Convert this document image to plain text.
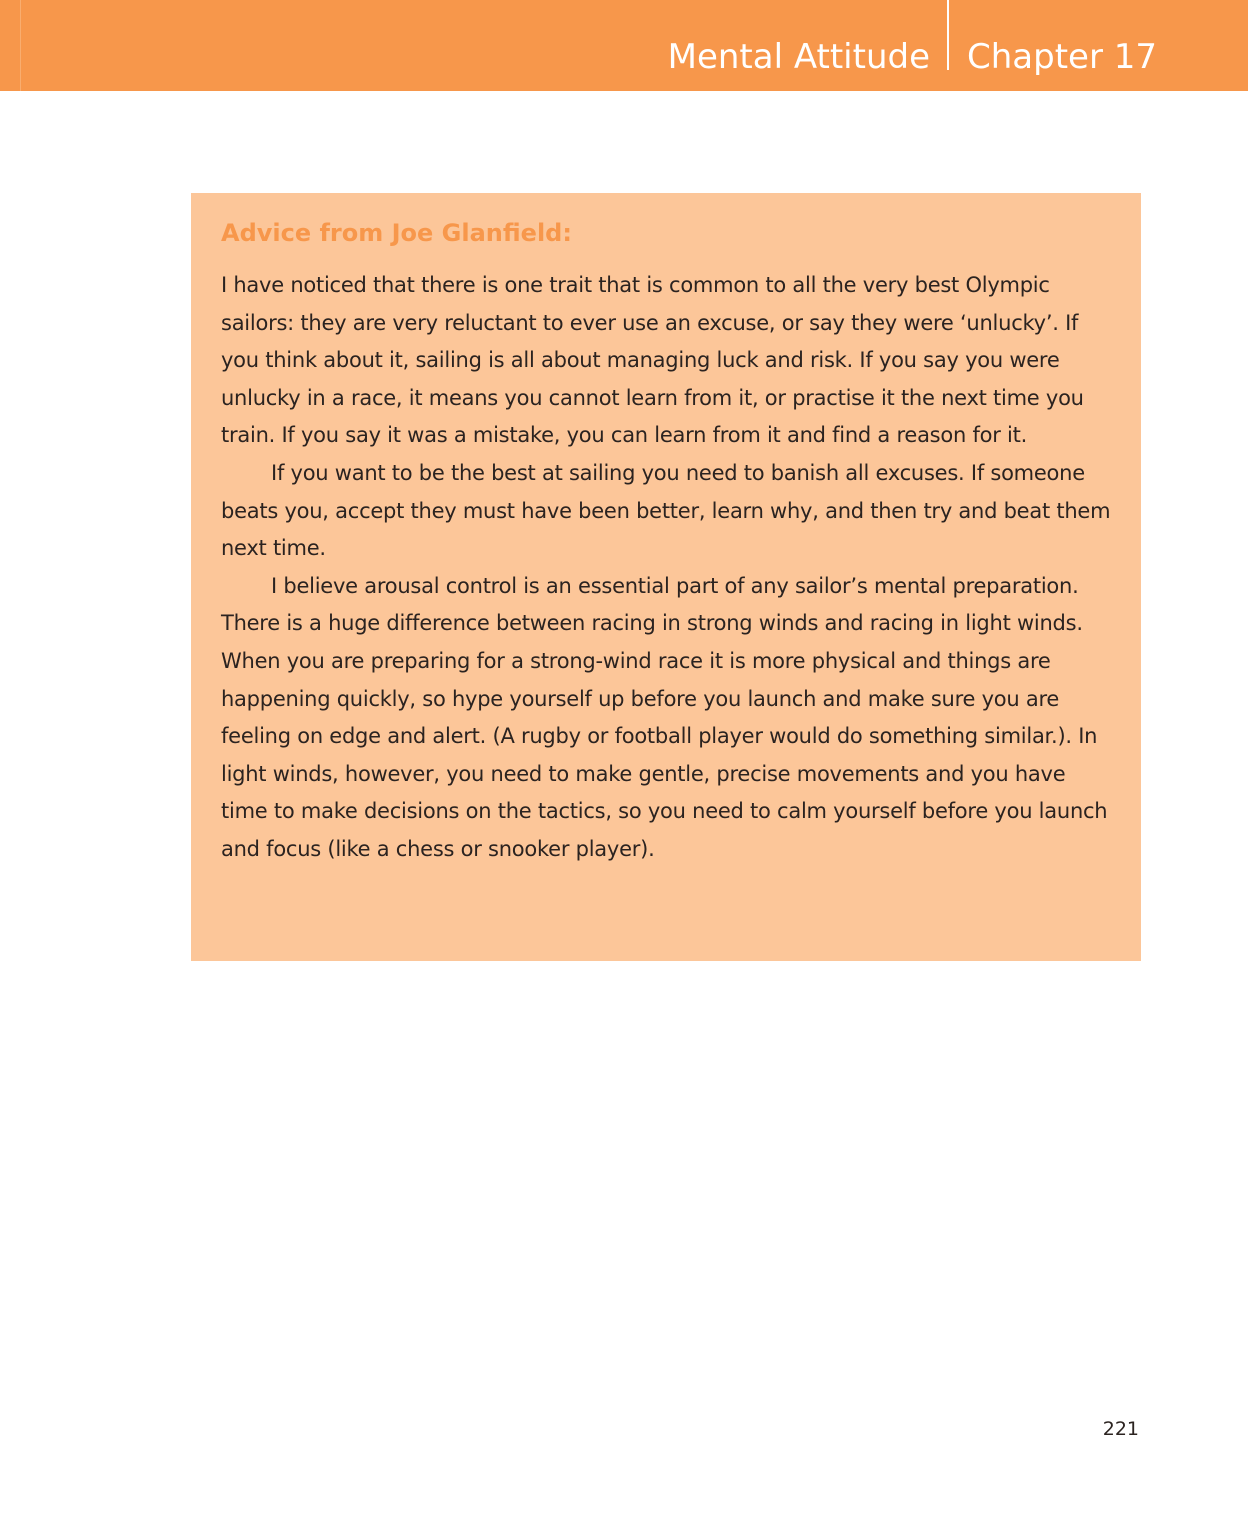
Mental Attitude Chapter 17
Advice from Joe Glanfield:

I have noticed that there is one trait that is common to all the very best Olympic sailors: they are very reluctant to ever use an excuse, or say they were ‘unlucky’. If you think about it, sailing is all about managing luck and risk. If you say you were unlucky in a race, it means you cannot learn from it, or practise it the next time you train. If you say it was a mistake, you can learn from it and find a reason for it.

If you want to be the best at sailing you need to banish all excuses. If someone beats you, accept they must have been better, learn why, and then try and beat them next time.

I believe arousal control is an essential part of any sailor’s mental preparation. There is a huge difference between racing in strong winds and racing in light winds. When you are preparing for a strong-wind race it is more physical and things are happening quickly, so hype yourself up before you launch and make sure you are feeling on edge and alert. (A rugby or football player would do something similar.). In light winds, however, you need to make gentle, precise movements and you have time to make decisions on the tactics, so you need to calm yourself before you launch and focus (like a chess or snooker player).

221
